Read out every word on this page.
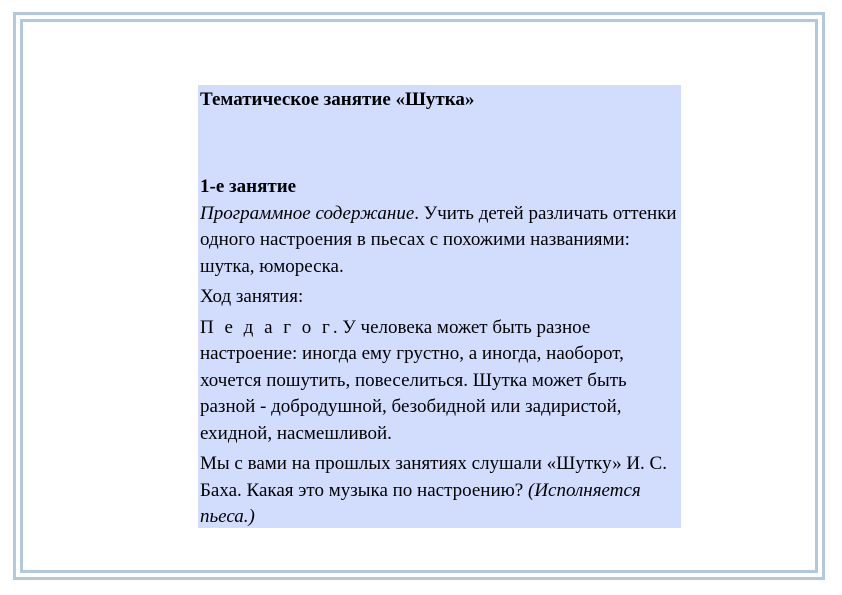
Тематическое занятие «Шутка»
1-е занятие

Программное содержание. Учить детей различать оттенки одного настроения в пьесах с похожими названиями: шутка, юмореска.

Ход занятия:

П е д а г о г. У человека может быть разное настроение: иногда ему грустно, а иногда, наоборот, хочется пошутить, повеселиться. Шутка может быть разной - добродушной, безобидной или задиристой, ехидной, насмешливой.

Мы с вами на прошлых занятиях слушали «Шутку» И. С. Баха. Какая это музыка по настроению? (Исполняется пьеса.)
